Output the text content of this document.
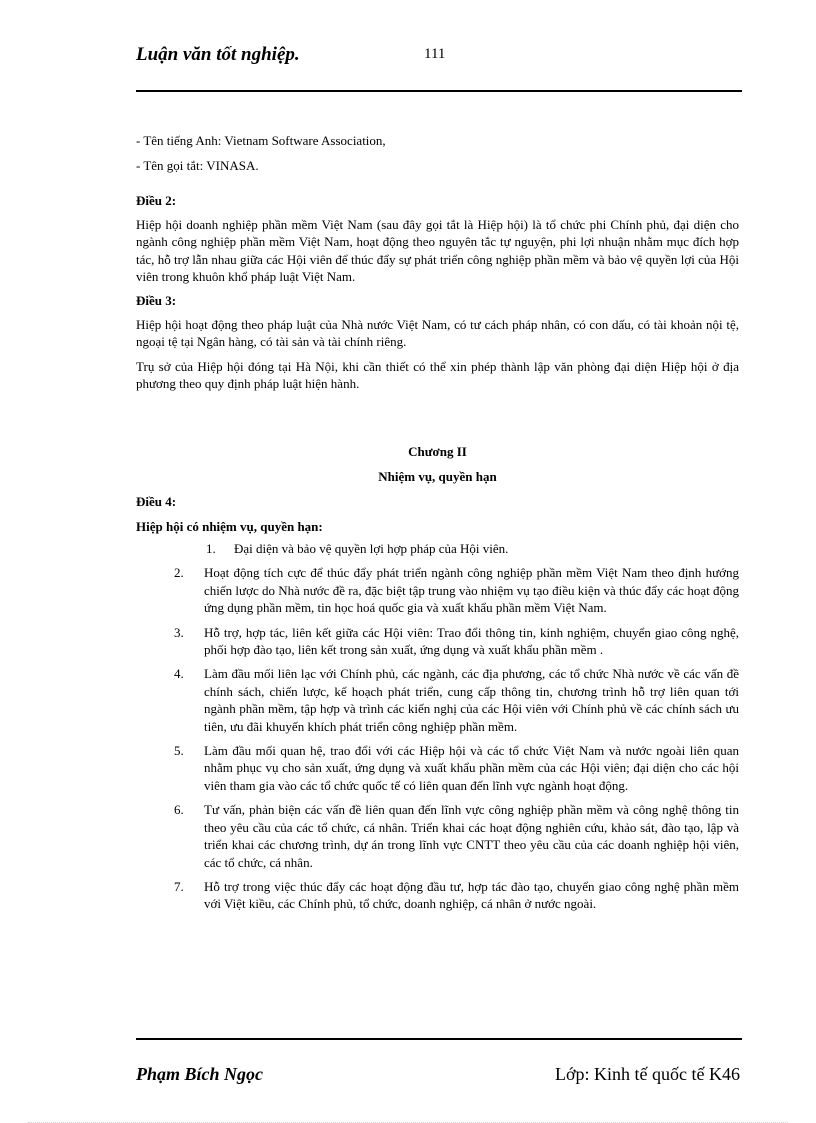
Luận văn tốt nghiệp.	111

- Tên tiếng Anh: Vietnam Software Association,

- Tên gọi tắt: VINASA.

Điều 2:
Hiệp hội doanh nghiệp phần mềm Việt Nam (sau đây gọi tắt là Hiệp hội) là tổ chức phi Chính phủ, đại diện cho ngành công nghiệp phần mềm Việt Nam, hoạt động theo nguyên tắc tự nguyện, phi lợi nhuận nhằm mục đích hợp tác, hỗ trợ lẫn nhau giữa các Hội viên để thúc đẩy sự phát triển công nghiệp phần mềm và bảo vệ quyền lợi của Hội viên trong khuôn khổ pháp luật Việt Nam.
Điều 3:
Hiệp hội hoạt động theo pháp luật của Nhà nước Việt Nam, có tư cách pháp nhân, có con dấu, có tài khoản nội tệ, ngoại tệ tại Ngân hàng, có tài sản và tài chính riêng.
Trụ sở của Hiệp hội đóng tại Hà Nội, khi cần thiết có thể xin phép thành lập văn phòng đại diện Hiệp hội ở địa phương theo quy định pháp luật hiện hành.
Chương II
Nhiệm vụ, quyền hạn
Điều 4:
Hiệp hội có nhiệm vụ, quyền hạn:
1. Đại diện và bảo vệ quyền lợi hợp pháp của Hội viên.
2. Hoạt động tích cực để thúc đẩy phát triển ngành công nghiệp phần mềm Việt Nam theo định hướng chiến lược do Nhà nước đề ra, đặc biệt tập trung vào nhiệm vụ tạo điều kiện và thúc đẩy các hoạt động ứng dụng phần mềm, tin học hoá quốc gia và xuất khẩu phần mềm Việt Nam.
3. Hỗ trợ, hợp tác, liên kết giữa các Hội viên: Trao đổi thông tin, kinh nghiệm, chuyển giao công nghệ, phối hợp đào tạo, liên kết trong sản xuất, ứng dụng và xuất khẩu phần mềm .
4. Làm đầu mối liên lạc với Chính phủ, các ngành, các địa phương, các tổ chức Nhà nước về các vấn đề chính sách, chiến lược, kế hoạch phát triển, cung cấp thông tin, chương trình hỗ trợ liên quan tới ngành phần mềm, tập hợp và trình các kiến nghị của các Hội viên với Chính phủ về các chính sách ưu tiên, ưu đãi khuyến khích phát triển công nghiệp phần mềm.
5. Làm đầu mối quan hệ, trao đổi với các Hiệp hội và các tổ chức Việt Nam và nước ngoài liên quan nhằm phục vụ cho sản xuất, ứng dụng và xuất khẩu phần mềm của các Hội viên; đại diện cho các hội viên tham gia vào các tổ chức quốc tế có liên quan đến lĩnh vực ngành hoạt động.
6. Tư vấn, phản biện các vấn đề liên quan đến lĩnh vực công nghiệp phần mềm và công nghệ thông tin theo yêu cầu của các tổ chức, cá nhân. Triển khai các hoạt động nghiên cứu, khảo sát, đào tạo, lập và triển khai các chương trình, dự án trong lĩnh vực CNTT theo yêu cầu của các doanh nghiệp hội viên, các tổ chức, cá nhân.
7. Hỗ trợ trong việc thúc đẩy các hoạt động đầu tư, hợp tác đào tạo, chuyển giao công nghệ phần mềm với Việt kiều, các Chính phủ, tổ chức, doanh nghiệp, cá nhân ở nước ngoài.
Phạm Bích Ngọc	Lớp: Kinh tế quốc tế K46
